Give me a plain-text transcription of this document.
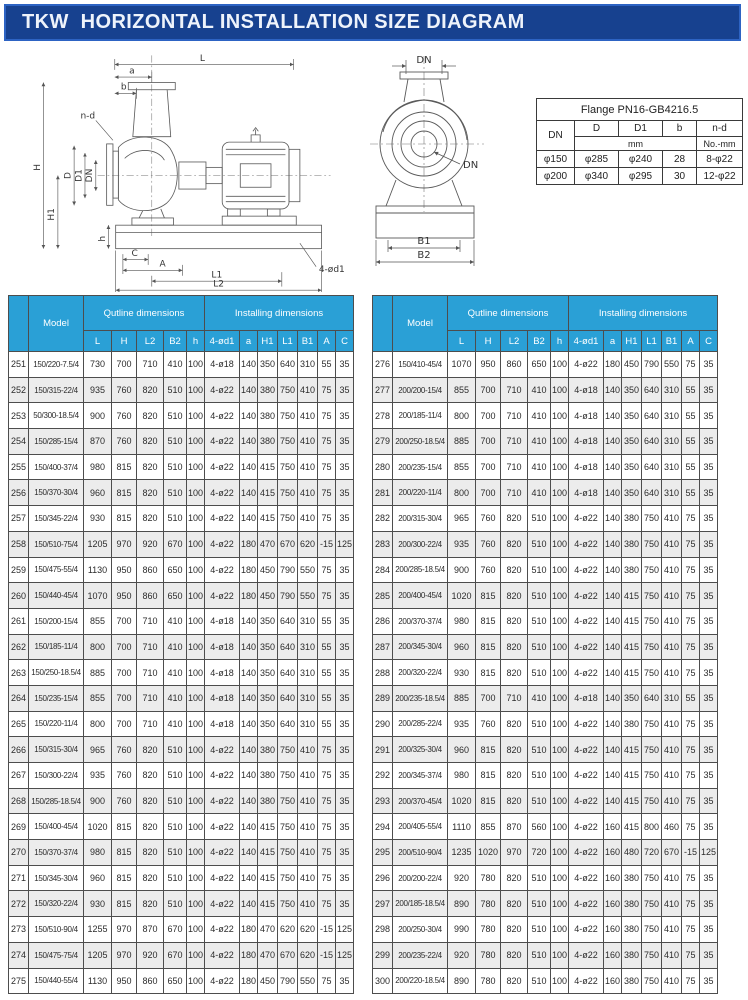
TKW  HORIZONTAL INSTALLATION SIZE DIAGRAM
L
a
b
n-d
H
H1
D D1 DN
h
4-ød1
C
A
L1
L2
DN
DN
B1
B2
Flange PN16-GB4216.5				
DN	D	D1	b	n-d
	mm			No.-mm
φ150	φ285	φ240	28	8-φ22
φ200	φ340	φ295	30	12-φ22
	Model	Qutline dimensions					Installing dimensions						
		L	H	L2	B2	h	4-ød1	a	H1	L1	B1	A	C
251	150/220-7.5/4	730	700	710	410	100	4-ø18	140	350	640	310	55	35
252	150/315-22/4	935	760	820	510	100	4-ø22	140	380	750	410	75	35
253	50/300-18.5/4	900	760	820	510	100	4-ø22	140	380	750	410	75	35
254	150/285-15/4	870	760	820	510	100	4-ø22	140	380	750	410	75	35
255	150/400-37/4	980	815	820	510	100	4-ø22	140	415	750	410	75	35
256	150/370-30/4	960	815	820	510	100	4-ø22	140	415	750	410	75	35
257	150/345-22/4	930	815	820	510	100	4-ø22	140	415	750	410	75	35
258	150/510-75/4	1205	970	920	670	100	4-ø22	180	470	670	620	-15	125
259	150/475-55/4	1130	950	860	650	100	4-ø22	180	450	790	550	75	35
260	150/440-45/4	1070	950	860	650	100	4-ø22	180	450	790	550	75	35
261	150/200-15/4	855	700	710	410	100	4-ø18	140	350	640	310	55	35
262	150/185-11/4	800	700	710	410	100	4-ø18	140	350	640	310	55	35
263	150/250-18.5/4	885	700	710	410	100	4-ø18	140	350	640	310	55	35
264	150/235-15/4	855	700	710	410	100	4-ø18	140	350	640	310	55	35
265	150/220-11/4	800	700	710	410	100	4-ø18	140	350	640	310	55	35
266	150/315-30/4	965	760	820	510	100	4-ø22	140	380	750	410	75	35
267	150/300-22/4	935	760	820	510	100	4-ø22	140	380	750	410	75	35
268	150/285-18.5/4	900	760	820	510	100	4-ø22	140	380	750	410	75	35
269	150/400-45/4	1020	815	820	510	100	4-ø22	140	415	750	410	75	35
270	150/370-37/4	980	815	820	510	100	4-ø22	140	415	750	410	75	35
271	150/345-30/4	960	815	820	510	100	4-ø22	140	415	750	410	75	35
272	150/320-22/4	930	815	820	510	100	4-ø22	140	415	750	410	75	35
273	150/510-90/4	1255	970	870	670	100	4-ø22	180	470	620	620	-15	125
274	150/475-75/4	1205	970	920	670	100	4-ø22	180	470	670	620	-15	125
275	150/440-55/4	1130	950	860	650	100	4-ø22	180	450	790	550	75	35
	Model	Qutline dimensions					Installing dimensions						
		L	H	L2	B2	h	4-ød1	a	H1	L1	B1	A	C
276	150/410-45/4	1070	950	860	650	100	4-ø22	180	450	790	550	75	35
277	200/200-15/4	855	700	710	410	100	4-ø18	140	350	640	310	55	35
278	200/185-11/4	800	700	710	410	100	4-ø18	140	350	640	310	55	35
279	200/250-18.5/4	885	700	710	410	100	4-ø18	140	350	640	310	55	35
280	200/235-15/4	855	700	710	410	100	4-ø18	140	350	640	310	55	35
281	200/220-11/4	800	700	710	410	100	4-ø18	140	350	640	310	55	35
282	200/315-30/4	965	760	820	510	100	4-ø22	140	380	750	410	75	35
283	200/300-22/4	935	760	820	510	100	4-ø22	140	380	750	410	75	35
284	200/285-18.5/4	900	760	820	510	100	4-ø22	140	380	750	410	75	35
285	200/400-45/4	1020	815	820	510	100	4-ø22	140	415	750	410	75	35
286	200/370-37/4	980	815	820	510	100	4-ø22	140	415	750	410	75	35
287	200/345-30/4	960	815	820	510	100	4-ø22	140	415	750	410	75	35
288	200/320-22/4	930	815	820	510	100	4-ø22	140	415	750	410	75	35
289	200/235-18.5/4	885	700	710	410	100	4-ø18	140	350	640	310	55	35
290	200/285-22/4	935	760	820	510	100	4-ø22	140	380	750	410	75	35
291	200/325-30/4	960	815	820	510	100	4-ø22	140	415	750	410	75	35
292	200/345-37/4	980	815	820	510	100	4-ø22	140	415	750	410	75	35
293	200/370-45/4	1020	815	820	510	100	4-ø22	140	415	750	410	75	35
294	200/405-55/4	1110	855	870	560	100	4-ø22	160	415	800	460	75	35
295	200/510-90/4	1235	1020	970	720	100	4-ø22	160	480	720	670	-15	125
296	200/200-22/4	920	780	820	510	100	4-ø22	160	380	750	410	75	35
297	200/185-18.5/4	890	780	820	510	100	4-ø22	160	380	750	410	75	35
298	200/250-30/4	990	780	820	510	100	4-ø22	160	380	750	410	75	35
299	200/235-22/4	920	780	820	510	100	4-ø22	160	380	750	410	75	35
300	200/220-18.5/4	890	780	820	510	100	4-ø22	160	380	750	410	75	35
